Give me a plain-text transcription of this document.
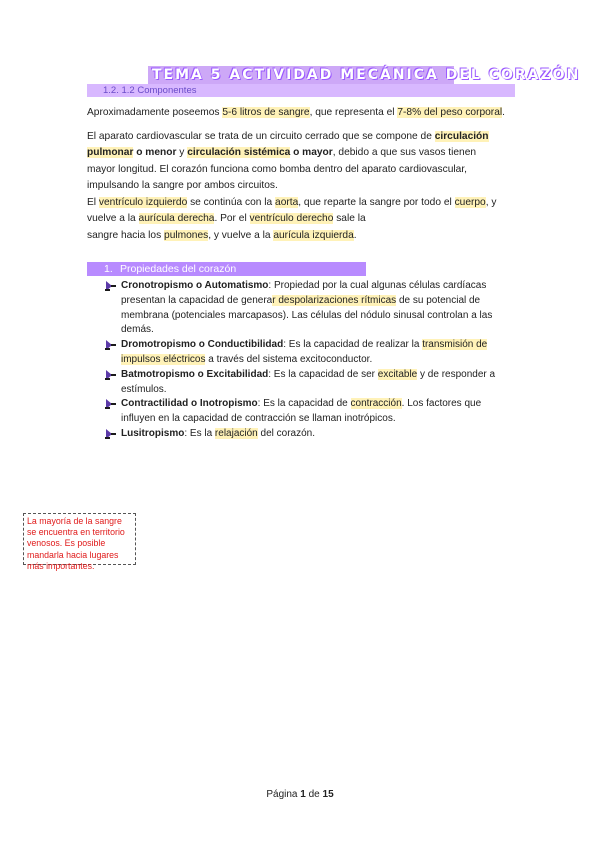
TEMA 5 ACTIVIDAD MECÁNICA DEL CORAZÓN
1.2. 1.2 Componentes

Aproximadamente poseemos 5-6 litros de sangre, que representa el 7-8% del peso corporal.

El aparato cardiovascular se trata de un circuito cerrado que se compone de circulación pulmonar o menor y circulación sistémica o mayor, debido a que sus vasos tienen mayor longitud. El corazón funciona como bomba dentro del aparato cardiovascular, impulsando la sangre por ambos circuitos.

El ventrículo izquierdo se continúa con la aorta, que reparte la sangre por todo el cuerpo, y vuelve a la aurícula derecha. Por el ventrículo derecho sale la
sangre hacia los pulmones, y vuelve a la aurícula izquierda.

1. Propiedades del corazón
Cronotropismo o Automatismo: Propiedad por la cual algunas células cardíacas presentan la capacidad de generar despolarizaciones rítmicas de su potencial de membrana (potenciales marcapasos). Las células del nódulo sinusal controlan a las demás.
Dromotropismo o Conductibilidad: Es la capacidad de realizar la transmisión de impulsos eléctricos a través del sistema excitoconductor.
Batmotropismo o Excitabilidad: Es la capacidad de ser excitable y de responder a estímulos.
Contractilidad o Inotropismo: Es la capacidad de contracción. Los factores que influyen en la capacidad de contracción se llaman inotrópicos.
Lusitropismo: Es la relajación del corazón.
La mayoría de la sangre se encuentra en territorio venosos. Es posible mandarla hacia lugares más importantes.
Página 1 de 15
